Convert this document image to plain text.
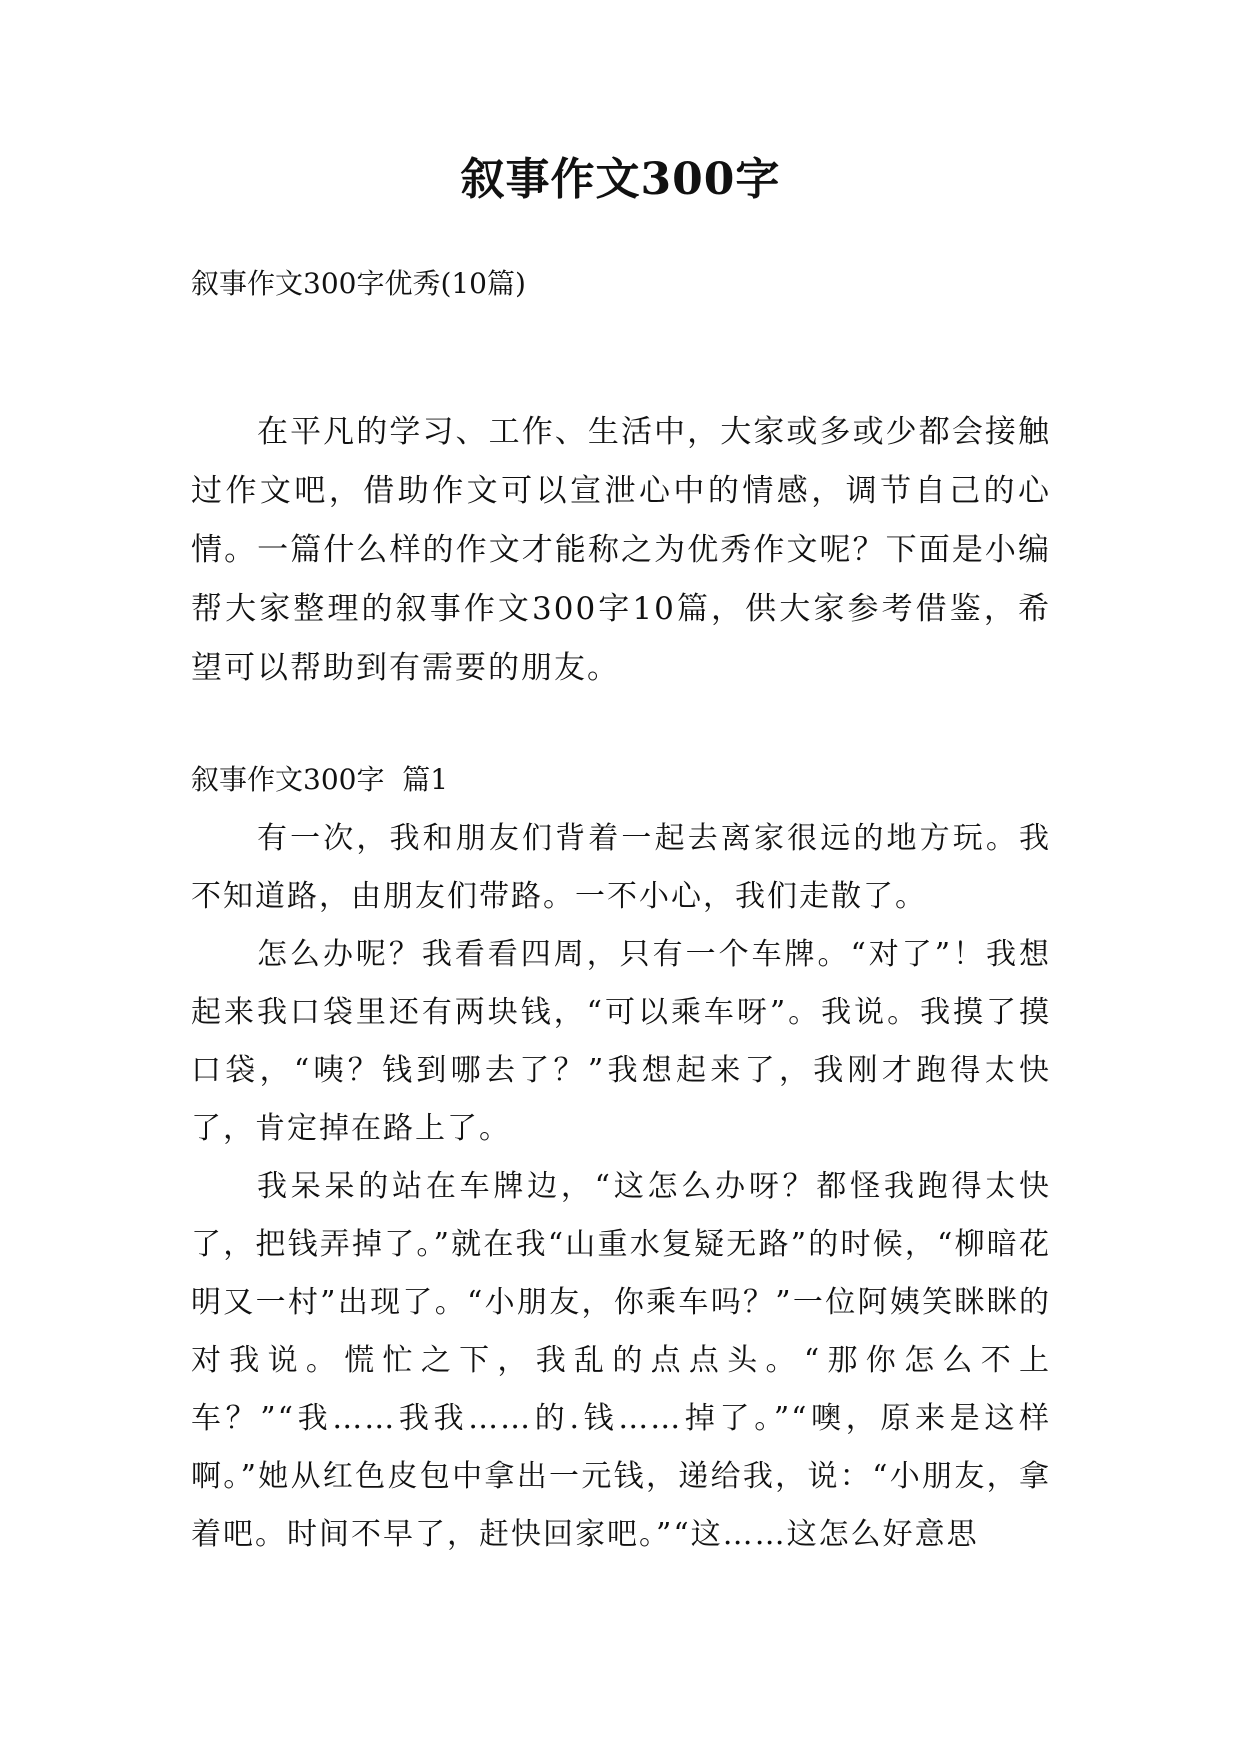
叙事作文300字
叙事作文300字优秀(10篇)

在平凡的学习、工作、生活中，大家或多或少都会接触过作文吧，借助作文可以宣泄心中的情感，调节自己的心情。一篇什么样的作文才能称之为优秀作文呢？下面是小编帮大家整理的叙事作文300字10篇，供大家参考借鉴，希望可以帮助到有需要的朋友。

叙事作文300字  篇1

有一次，我和朋友们背着一起去离家很远的地方玩。我不知道路，由朋友们带路。一不小心，我们走散了。

怎么办呢？我看看四周，只有一个车牌。“对了”！我想起来我口袋里还有两块钱，“可以乘车呀”。我说。我摸了摸口袋，“咦？钱到哪去了？”我想起来了，我刚才跑得太快了，肯定掉在路上了。

我呆呆的站在车牌边，“这怎么办呀？都怪我跑得太快了，把钱弄掉了。”就在我“山重水复疑无路”的时候，“柳暗花明又一村”出现了。“小朋友，你乘车吗？”一位阿姨笑眯眯的对我说。慌忙之下，我乱的点点头。“那你怎么不上车？”“我……我我……的.钱……掉了。”“噢，原来是这样啊。”她从红色皮包中拿出一元钱，递给我，说：“小朋友，拿着吧。时间不早了，赶快回家吧。”“这……这怎么好意思
